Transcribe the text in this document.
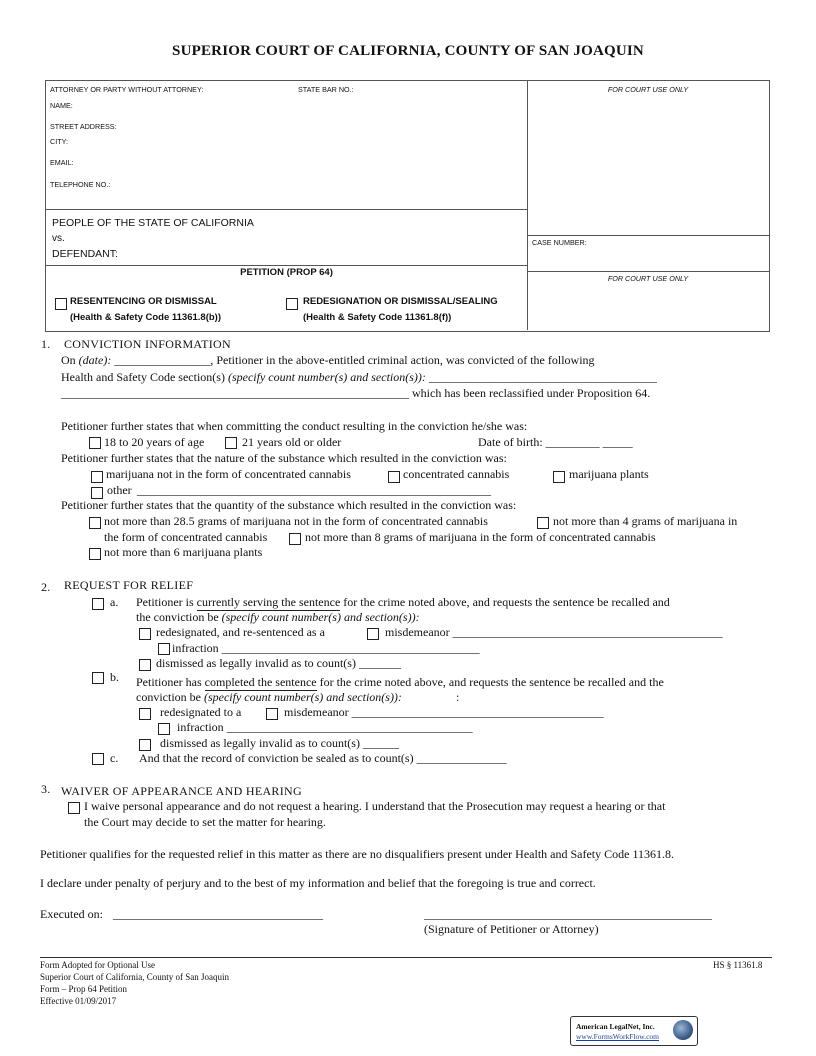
SUPERIOR COURT OF CALIFORNIA, COUNTY OF SAN JOAQUIN
ATTORNEY OR PARTY WITHOUT ATTORNEY:	STATE BAR NO.:
NAME:
STREET ADDRESS:
CITY:
EMAIL:
TELEPHONE NO.:
FOR COURT USE ONLY
PEOPLE OF THE STATE OF CALIFORNIA
vs.
DEFENDANT:
CASE NUMBER:
PETITION (PROP 64)
FOR COURT USE ONLY
RESENTENCING OR DISMISSAL
(Health & Safety Code 11361.8(b))
REDESIGNATION OR DISMISSAL/SEALING
(Health & Safety Code 11361.8(f))
1. CONVICTION INFORMATION
On (date): ________________, Petitioner in the above-entitled criminal action, was convicted of the following
Health and Safety Code section(s) (specify count number(s) and section(s)): ______________________________________
__________________________________________________________ which has been reclassified under Proposition 64.
Petitioner further states that when committing the conduct resulting in the conviction he/she was:
18 to 20 years of age	21 years old or older	Date of birth: _________ _____
Petitioner further states that the nature of the substance which resulted in the conviction was:
marijuana not in the form of concentrated cannabis	concentrated cannabis	marijuana plants
other ___________________________________________________________
Petitioner further states that the quantity of the substance which resulted in the conviction was:
not more than 28.5 grams of marijuana not in the form of concentrated cannabis	not more than 4 grams of marijuana in
the form of concentrated cannabis	not more than 8 grams of marijuana in the form of concentrated cannabis
not more than 6 marijuana plants
2. REQUEST FOR RELIEF
a. Petitioner is currently serving the sentence for the crime noted above, and requests the sentence be recalled and
the conviction be (specify count number(s) and section(s)):
redesignated, and re-sentenced as a	misdemeanor _____________________________________________
infraction ___________________________________________
dismissed as legally invalid as to count(s) _______
b. Petitioner has completed the sentence for the crime noted above, and requests the sentence be recalled and the
conviction be (specify count number(s) and section(s)):	:
redesignated to a	misdemeanor __________________________________________
infraction _________________________________________
dismissed as legally invalid as to count(s) ______
c. And that the record of conviction be sealed as to count(s) _______________
3. WAIVER OF APPEARANCE AND HEARING
I waive personal appearance and do not request a hearing. I understand that the Prosecution may request a hearing or that
the Court may decide to set the matter for hearing.
Petitioner qualifies for the requested relief in this matter as there are no disqualifiers present under Health and Safety Code 11361.8.
I declare under penalty of perjury and to the best of my information and belief that the foregoing is true and correct.
Executed on: ___________________________________	________________________________________________
(Signature of Petitioner or Attorney)
Form Adopted for Optional Use
Superior Court of California, County of San Joaquin
Form – Prop 64 Petition
Effective 01/09/2017
HS § 11361.8
American LegalNet, Inc.
www.FormsWorkFlow.com
